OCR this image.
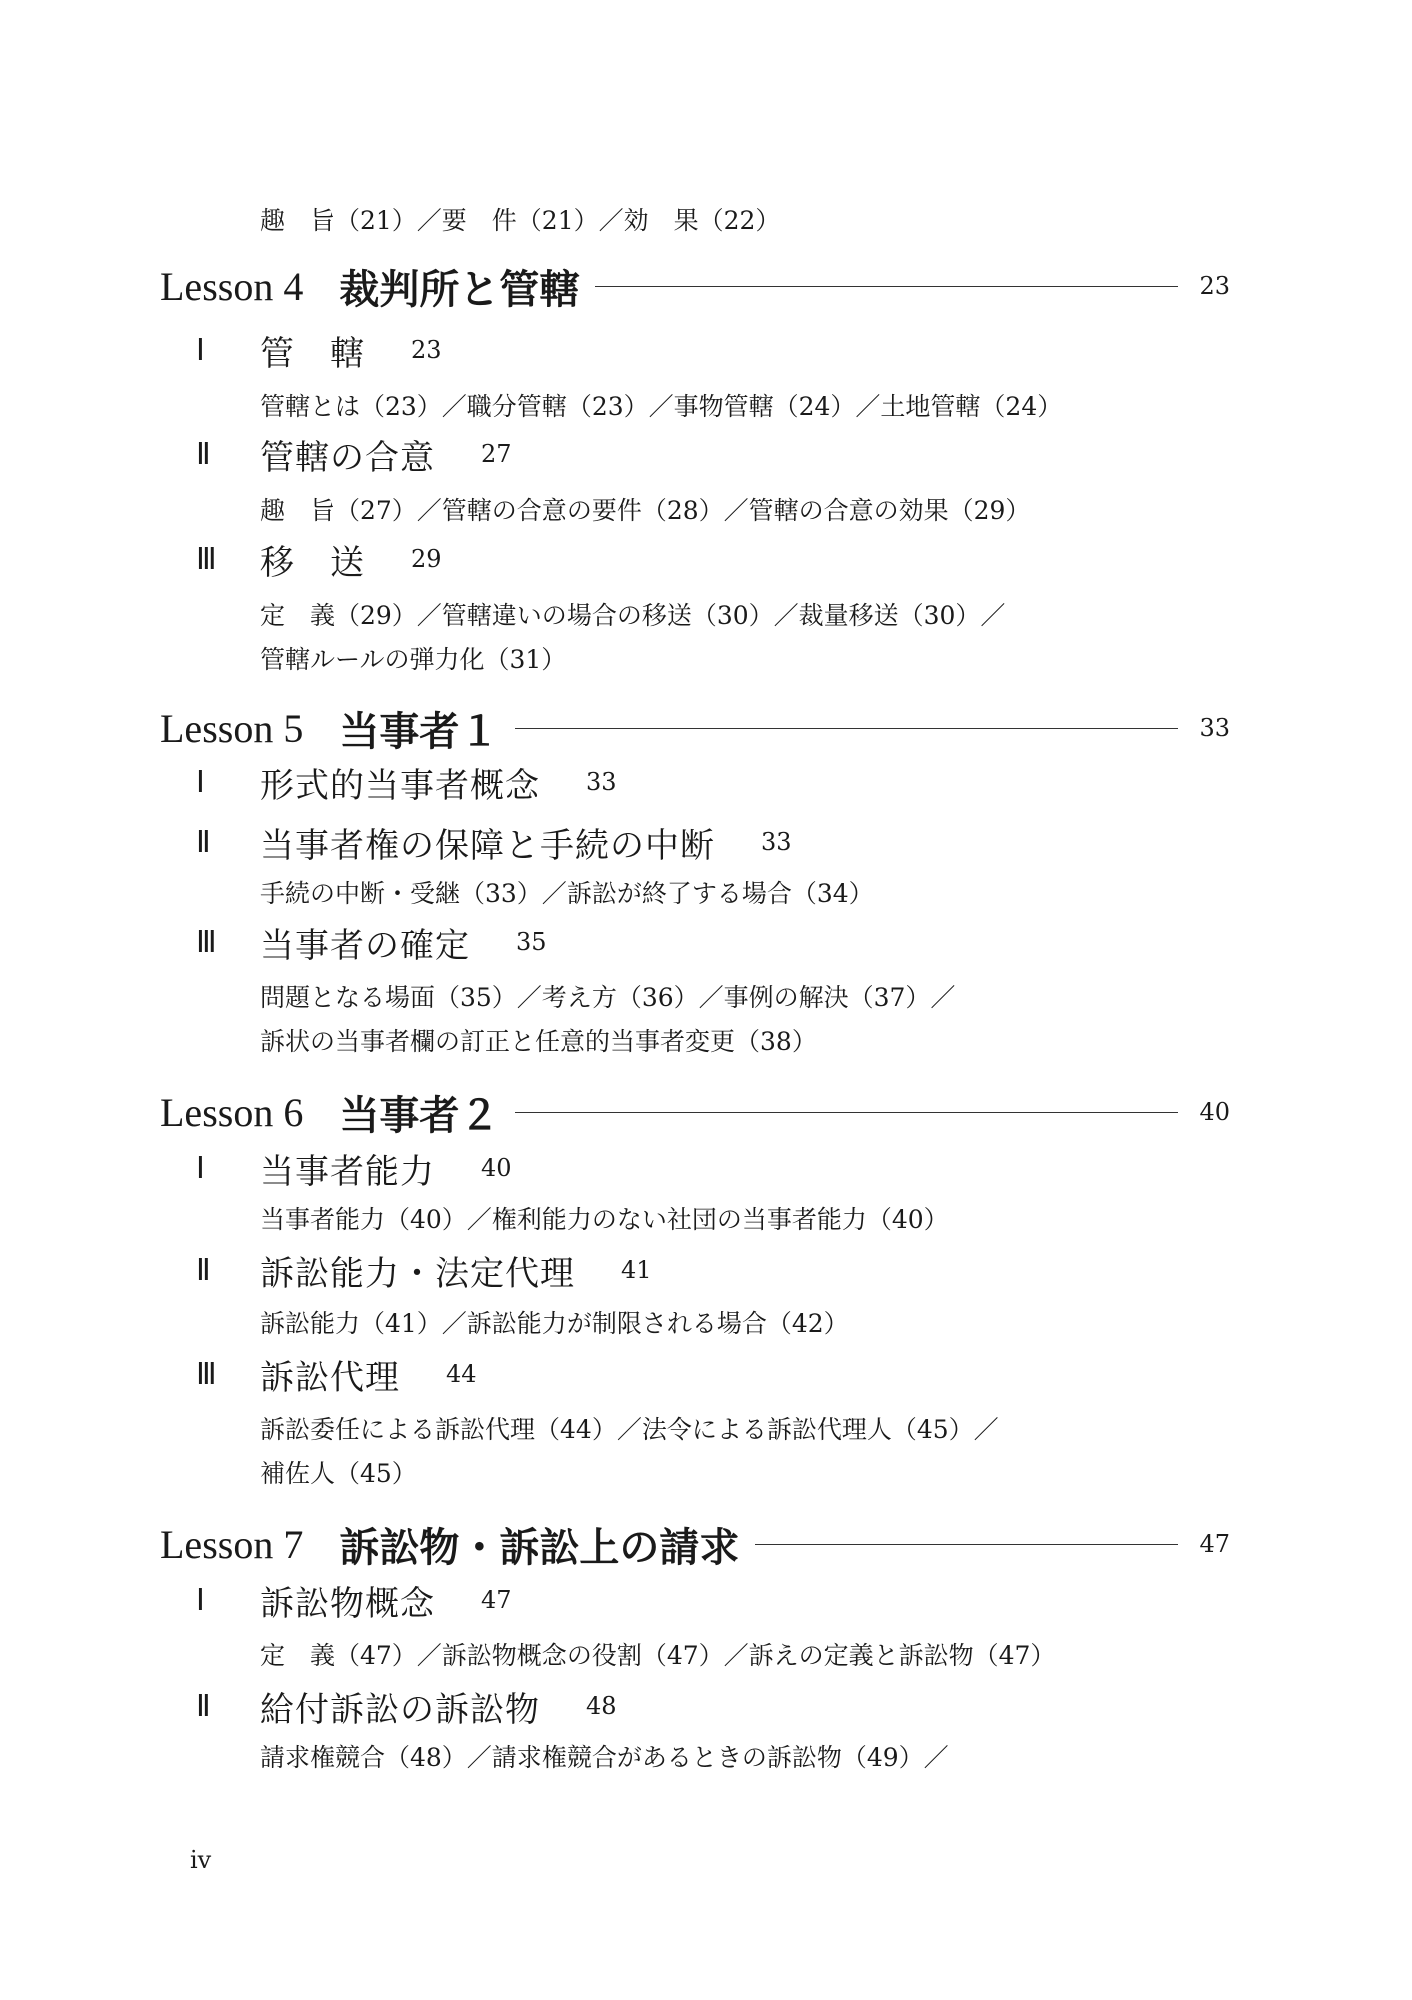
趣　旨（21）／要　件（21）／効　果（22）
Lesson 4 裁判所と管轄	23
Ⅰ	管　轄 23
管轄とは（23）／職分管轄（23）／事物管轄（24）／土地管轄（24）
Ⅱ	管轄の合意 27
趣　旨（27）／管轄の合意の要件（28）／管轄の合意の効果（29）
Ⅲ	移　送 29
定　義（29）／管轄違いの場合の移送（30）／裁量移送（30）／
管轄ルールの弾力化（31）
Lesson 5 当事者１	33
Ⅰ	形式的当事者概念 33
Ⅱ	当事者権の保障と手続の中断 33
手続の中断・受継（33）／訴訟が終了する場合（34）
Ⅲ	当事者の確定 35
問題となる場面（35）／考え方（36）／事例の解決（37）／
訴状の当事者欄の訂正と任意的当事者変更（38）
Lesson 6 当事者２	40
Ⅰ	当事者能力 40
当事者能力（40）／権利能力のない社団の当事者能力（40）
Ⅱ	訴訟能力・法定代理 41
訴訟能力（41）／訴訟能力が制限される場合（42）
Ⅲ	訴訟代理 44
訴訟委任による訴訟代理（44）／法令による訴訟代理人（45）／
補佐人（45）
Lesson 7 訴訟物・訴訟上の請求	47
Ⅰ	訴訟物概念 47
定　義（47）／訴訟物概念の役割（47）／訴えの定義と訴訟物（47）
Ⅱ	給付訴訟の訴訟物 48
請求権競合（48）／請求権競合があるときの訴訟物（49）／
iv
